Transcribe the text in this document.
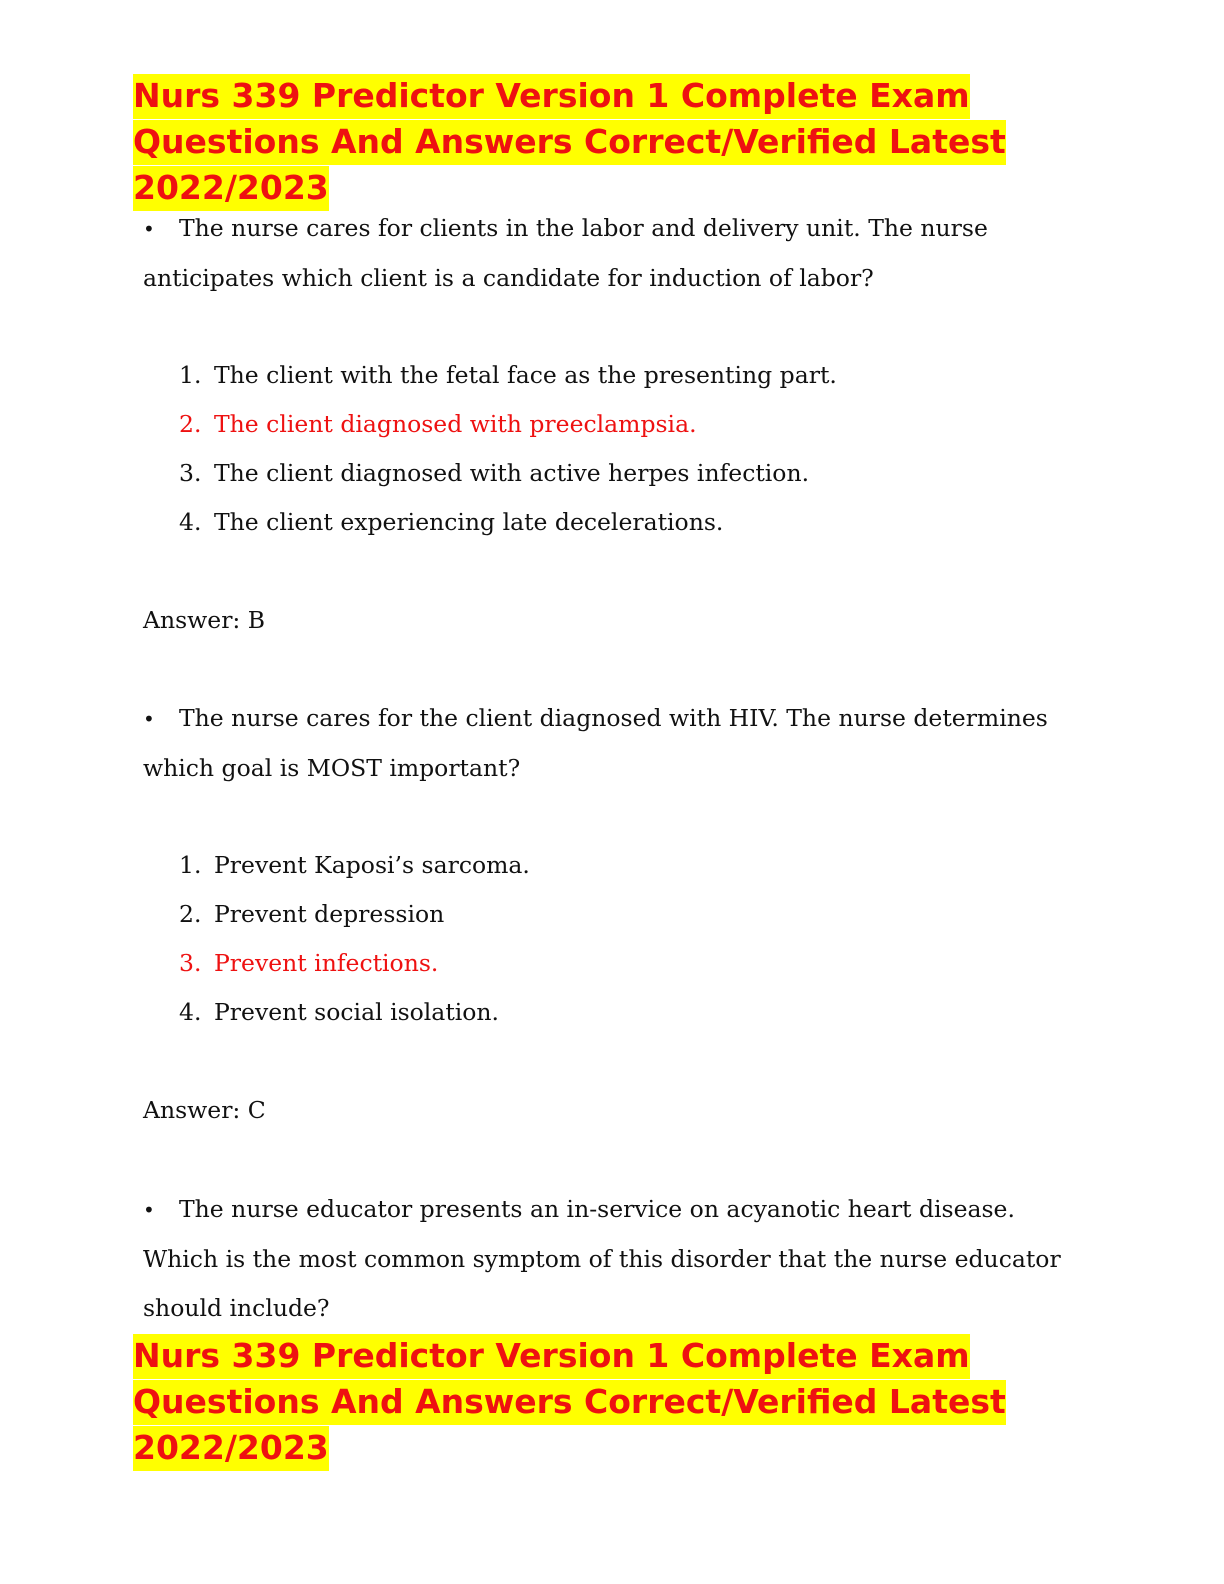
Nurs 339 Predictor Version 1 Complete Exam
Questions And Answers Correct/Verified Latest
2022/2023
• The nurse cares for clients in the labor and delivery unit. The nurse anticipates which client is a candidate for induction of labor?
1. The client with the fetal face as the presenting part.
2. The client diagnosed with preeclampsia.
3. The client diagnosed with active herpes infection.
4. The client experiencing late decelerations.
Answer: B
• The nurse cares for the client diagnosed with HIV. The nurse determines which goal is MOST important?
1. Prevent Kaposi’s sarcoma.
2. Prevent depression
3. Prevent infections.
4. Prevent social isolation.
Answer: C
• The nurse educator presents an in-service on acyanotic heart disease. Which is the most common symptom of this disorder that the nurse educator should include?
Nurs 339 Predictor Version 1 Complete Exam
Questions And Answers Correct/Verified Latest
2022/2023
